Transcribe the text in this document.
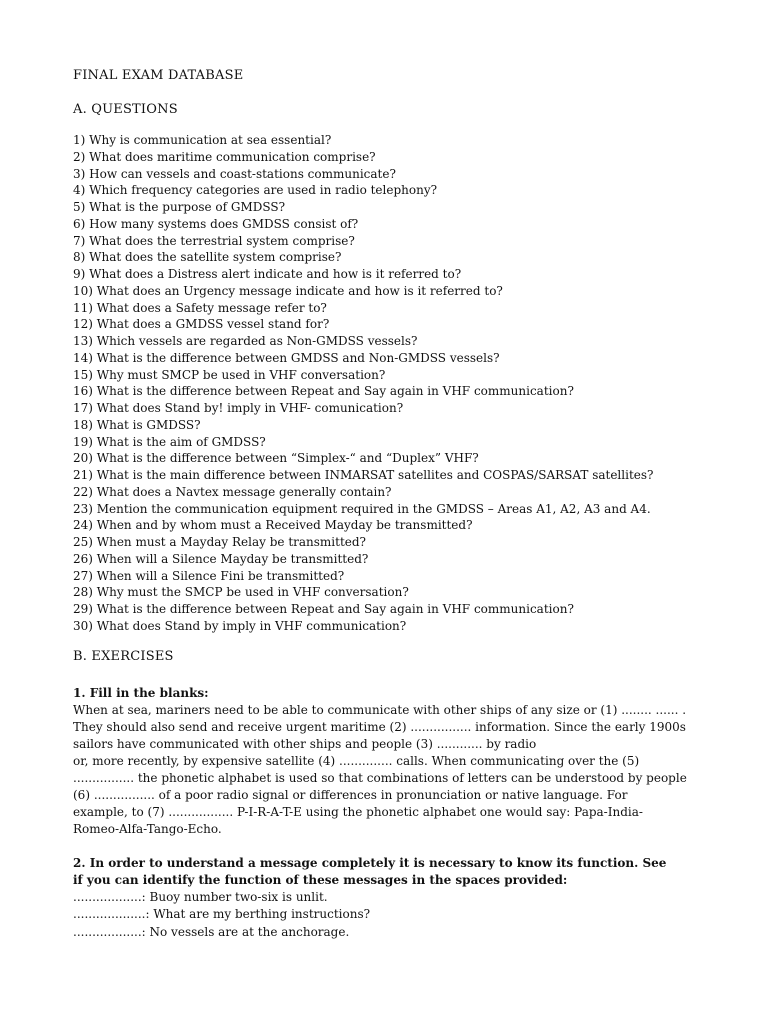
FINAL EXAM DATABASE
A. QUESTIONS
1) Why is communication at sea essential?
2) What does maritime communication comprise?
3) How can vessels and coast-stations communicate?
4) Which frequency categories are used in radio telephony?
5) What is the purpose of GMDSS?
6) How many systems does GMDSS consist of?
7) What does the terrestrial system comprise?
8) What does the satellite system comprise?
9) What does a Distress alert indicate and how is it referred to?
10) What does an Urgency message indicate and how is it referred to?
11) What does a Safety message refer to?
12) What does a GMDSS vessel stand for?
13) Which vessels are regarded as Non-GMDSS vessels?
14) What is the difference between GMDSS and Non-GMDSS vessels?
15) Why must SMCP be used in VHF conversation?
16) What is the difference between Repeat and Say again in VHF communication?
17) What does Stand by! imply in VHF- comunication?
18) What is GMDSS?
19) What is the aim of GMDSS?
20) What is the difference between “Simplex-“ and “Duplex” VHF?
21) What is the main difference between INMARSAT satellites and COSPAS/SARSAT satellites?
22) What does a Navtex message generally contain?
23) Mention the communication equipment required in the GMDSS – Areas A1, A2, A3 and A4.
24) When and by whom must a Received Mayday be transmitted?
25) When must a Mayday Relay be transmitted?
26) When will a Silence Mayday be transmitted?
27) When will a Silence Fini be transmitted?
28) Why must the SMCP be used in VHF conversation?
29) What is the difference between Repeat and Say again in VHF communication?
30) What does Stand by imply in VHF communication?
B. EXERCISES
1. Fill in the blanks:

When at sea, mariners need to be able to communicate with other ships of any size or (1) ........ ...... .
They should also send and receive urgent maritime (2) ................ information. Since the early 1900s
sailors have communicated with other ships and people (3) ............ by radio
or, more recently, by expensive satellite (4) .............. calls. When communicating over the (5)
................ the phonetic alphabet is used so that combinations of letters can be understood by people
(6) ................ of a poor radio signal or differences in pronunciation or native language. For
example, to (7) ................. P-I-R-A-T-E using the phonetic alphabet one would say: Papa-India-
Romeo-Alfa-Tango-Echo.

2. In order to understand a message completely it is necessary to know its function. See
if you can identify the function of these messages in the spaces provided:
..................: Buoy number two-six is unlit.
...................: What are my berthing instructions?
..................: No vessels are at the anchorage.
